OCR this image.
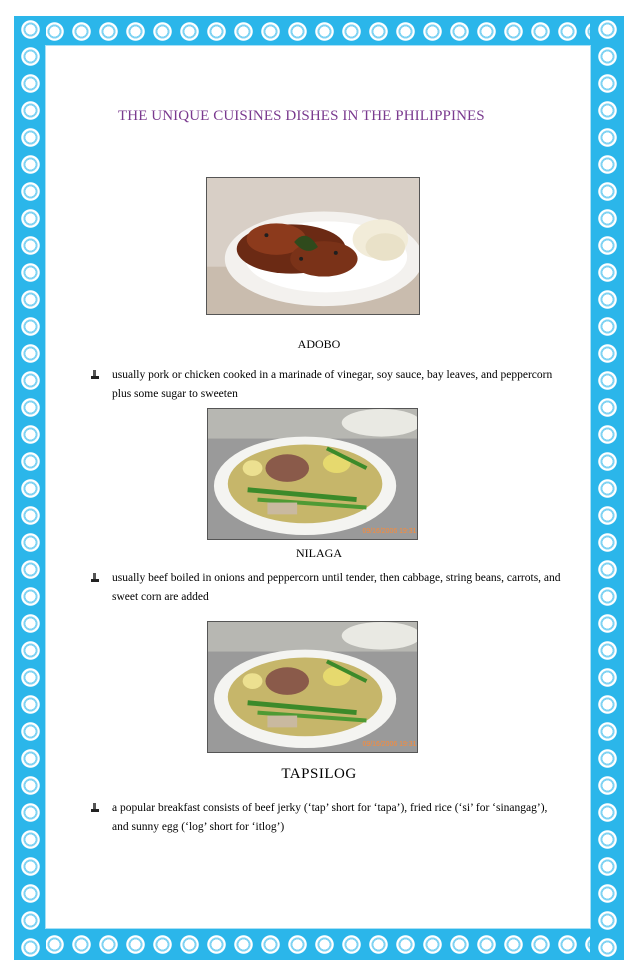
THE UNIQUE CUISINES DISHES IN THE PHILIPPINES
ADOBO
usually pork or chicken cooked in a marinade of vinegar, soy sauce, bay leaves, and peppercorn plus some sugar to sweeten
09/16/2006 19:31
NILAGA
usually beef boiled in onions and peppercorn until tender, then cabbage, string beans, carrots, and sweet corn are added
09/16/2006 19:31
TAPSILOG
a popular breakfast consists of beef jerky (‘tap’ short for ‘tapa’), fried rice (‘si’ for ‘sinangag’), and sunny egg (‘log’ short for ‘itlog’)
